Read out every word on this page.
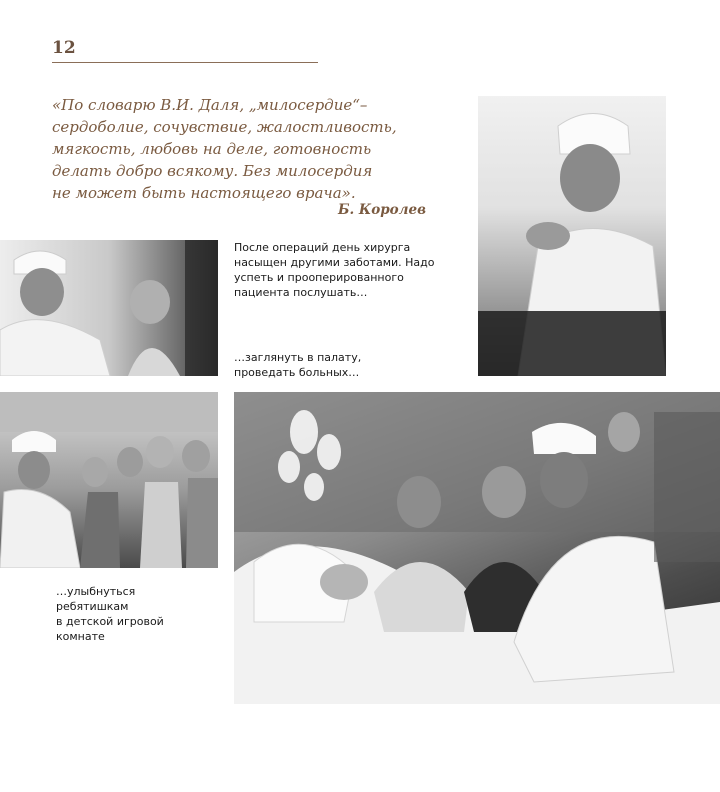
12
«По словарю В.И. Даля, „милосердие“–
сердоболие, сочувствие, жалостливость,
мягкость, любовь на деле, готовность
делать добро всякому. Без милосердия
не может быть настоящего врача».
Б. Королев
После операций день хирурга
насыщен другими заботами. Надо
успеть и прооперированного
пациента послушать…
…заглянуть в палату,
проведать больных…
…улыбнуться
ребятишкам
в детской игровой
комнате
